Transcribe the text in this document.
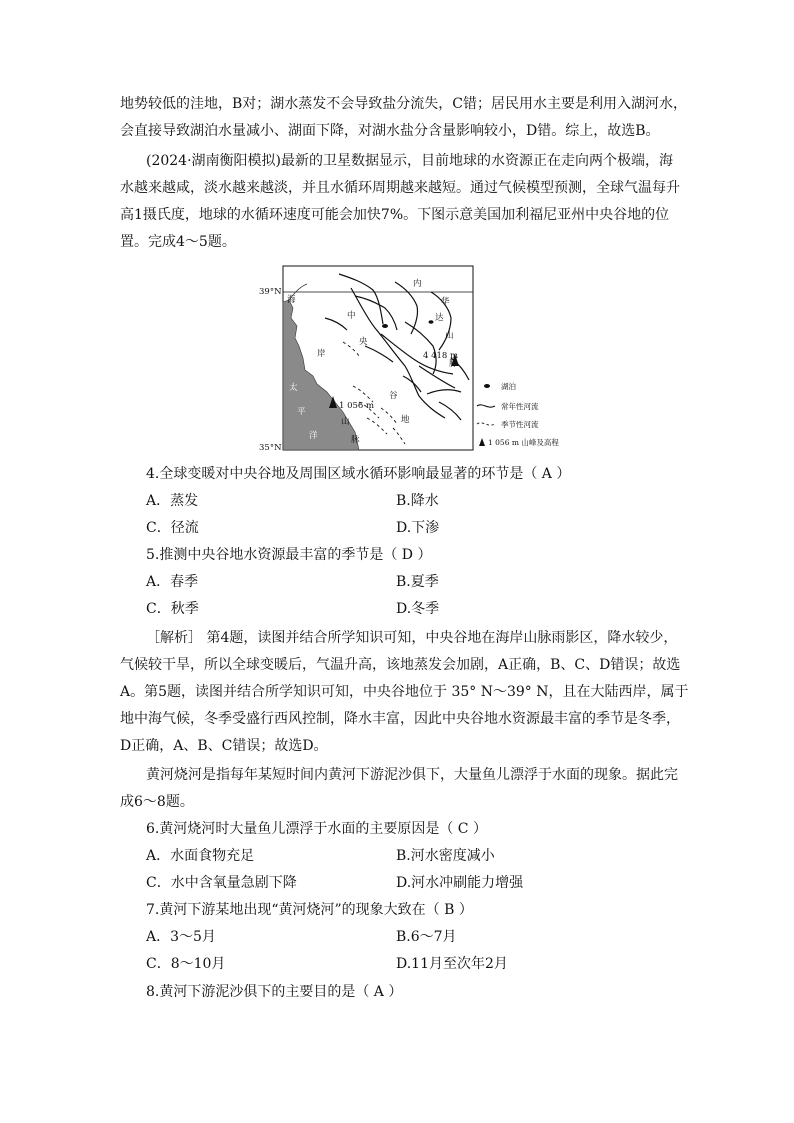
地势较低的洼地，B对；湖水蒸发不会导致盐分流失，C错；居民用水主要是利用入湖河水，
会直接导致湖泊水量减小、湖面下降，对湖水盐分含量影响较小，D错。综上，故选B。
(2024·湖南衡阳模拟)最新的卫星数据显示，目前地球的水资源正在走向两个极端，海
水越来越咸，淡水越来越淡，并且水循环周期越来越短。通过气候模型预测，全球气温每升
高1摄氏度，地球的水循环速度可能会加快7%。下图示意美国加利福尼亚州中央谷地的位
置。完成4～5题。
39°N
35°N
太
平
洋
4 418 m
1 056 m
内
华
达
山
脉
中
央
谷
地
海
岸
山
脉
湖泊
常年性河流
季节性河流
1 056 m 山峰及高程
4.全球变暖对中央谷地及周围区域水循环影响最显著的环节是（ A ）
A．蒸发	B.降水
C．径流	D.下渗
5.推测中央谷地水资源最丰富的季节是（ D ）
A．春季	B.夏季
C．秋季	D.冬季
［解析］ 第4题，读图并结合所学知识可知，中央谷地在海岸山脉雨影区，降水较少，
气候较干旱，所以全球变暖后，气温升高，该地蒸发会加剧，A正确，B、C、D错误；故选
A。第5题，读图并结合所学知识可知，中央谷地位于 35° N～39° N，且在大陆西岸，属于
地中海气候，冬季受盛行西风控制，降水丰富，因此中央谷地水资源最丰富的季节是冬季，
D正确，A、B、C错误；故选D。
黄河烧河是指每年某短时间内黄河下游泥沙俱下，大量鱼儿漂浮于水面的现象。据此完
成6～8题。
6.黄河烧河时大量鱼儿漂浮于水面的主要原因是（ C ）
A．水面食物充足	B.河水密度减小
C．水中含氧量急剧下降	D.河水冲刷能力增强
7.黄河下游某地出现“黄河烧河”的现象大致在（ B ）
A．3～5月	B.6～7月
C．8～10月	D.11月至次年2月
8.黄河下游泥沙俱下的主要目的是（ A ）
